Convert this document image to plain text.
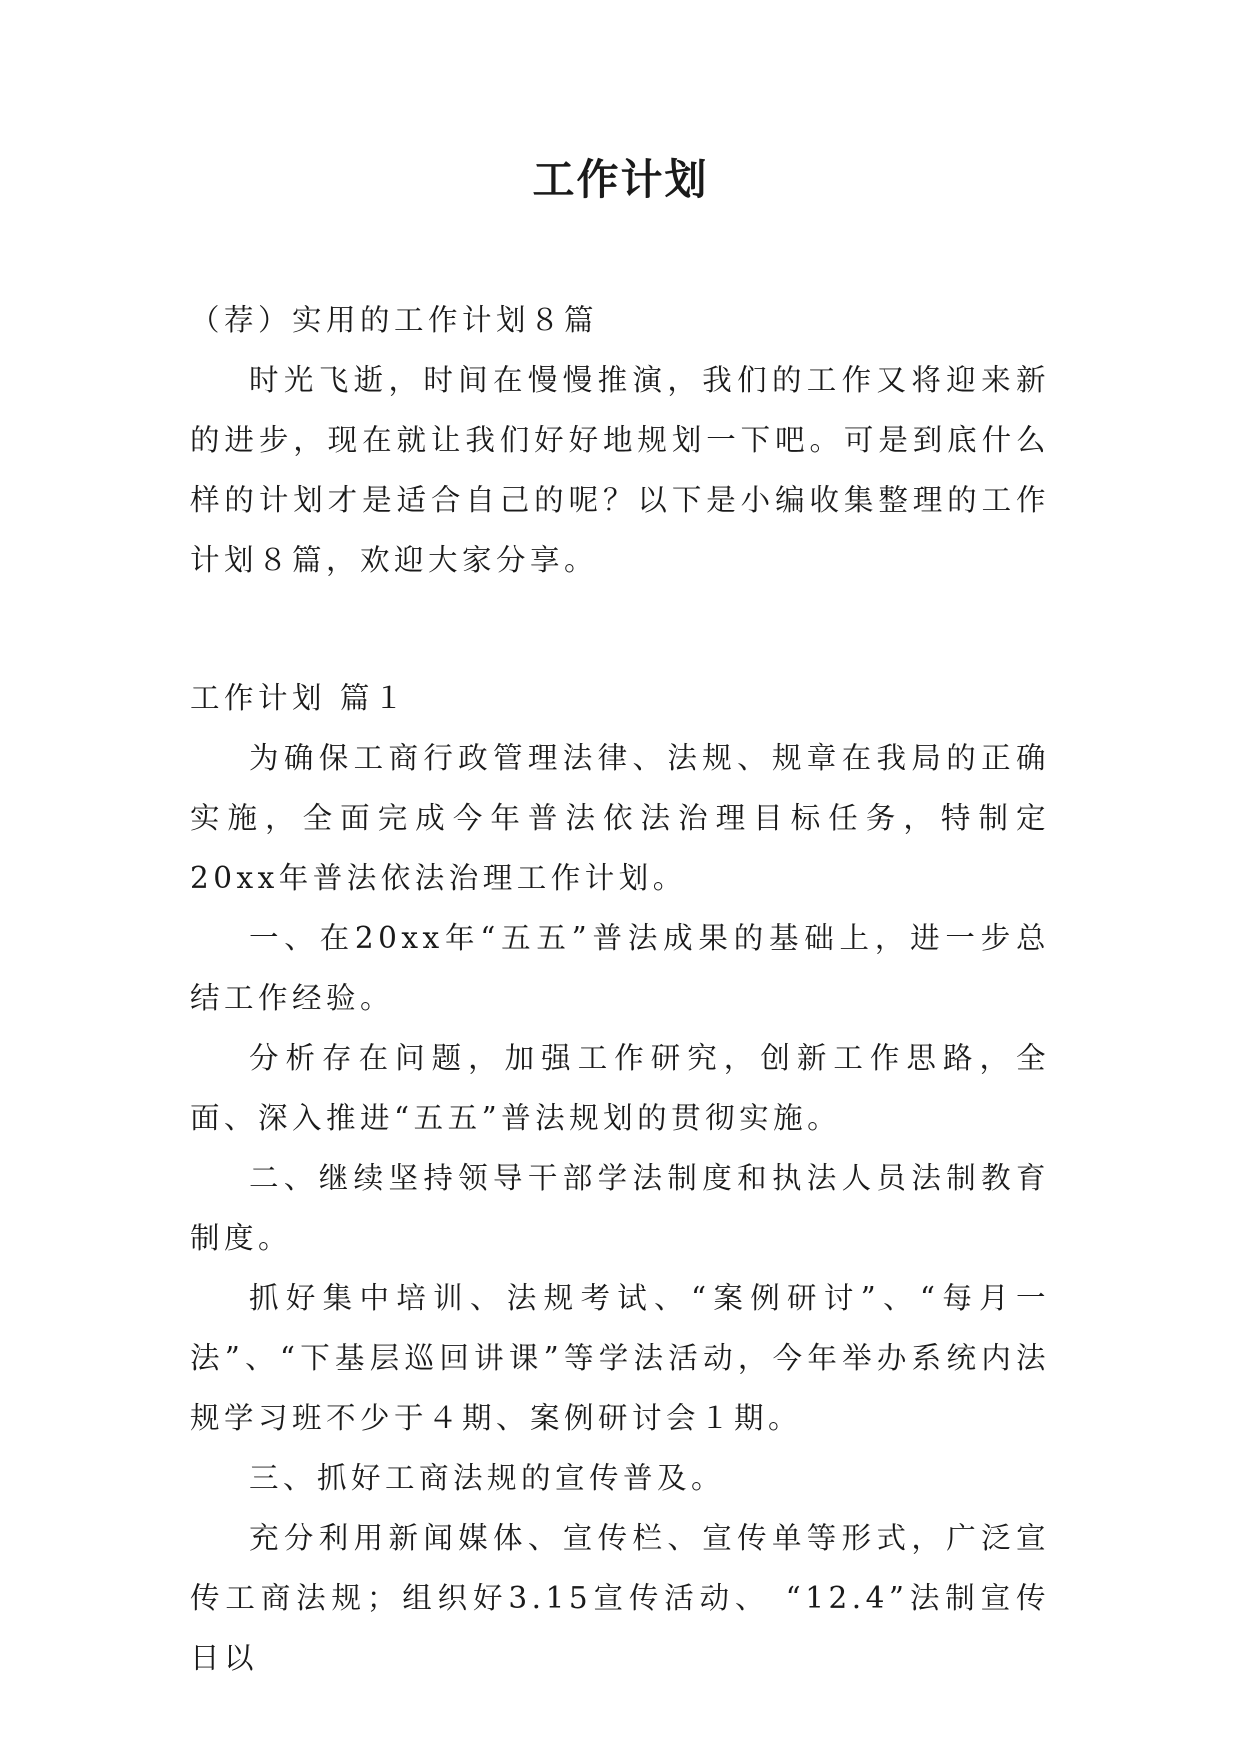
工作计划

（荐）实用的工作计划８篇

时光飞逝，时间在慢慢推演，我们的工作又将迎来新的进步，现在就让我们好好地规划一下吧。可是到底什么样的计划才是适合自己的呢？以下是小编收集整理的工作计划８篇，欢迎大家分享。

工作计划 篇１

为确保工商行政管理法律、法规、规章在我局的正确实施，全面完成今年普法依法治理目标任务，特制定20xx年普法依法治理工作计划。

一、在20xx年“五五”普法成果的基础上，进一步总结工作经验。

分析存在问题，加强工作研究，创新工作思路，全面、深入推进“五五”普法规划的贯彻实施。

二、继续坚持领导干部学法制度和执法人员法制教育制度。

抓好集中培训、法规考试、“案例研讨”、“每月一法”、“下基层巡回讲课”等学法活动，今年举办系统内法规学习班不少于４期、案例研讨会１期。

三、抓好工商法规的宣传普及。

充分利用新闻媒体、宣传栏、宣传单等形式，广泛宣传工商法规；组织好3.15宣传活动、 “12.4”法制宣传日以
